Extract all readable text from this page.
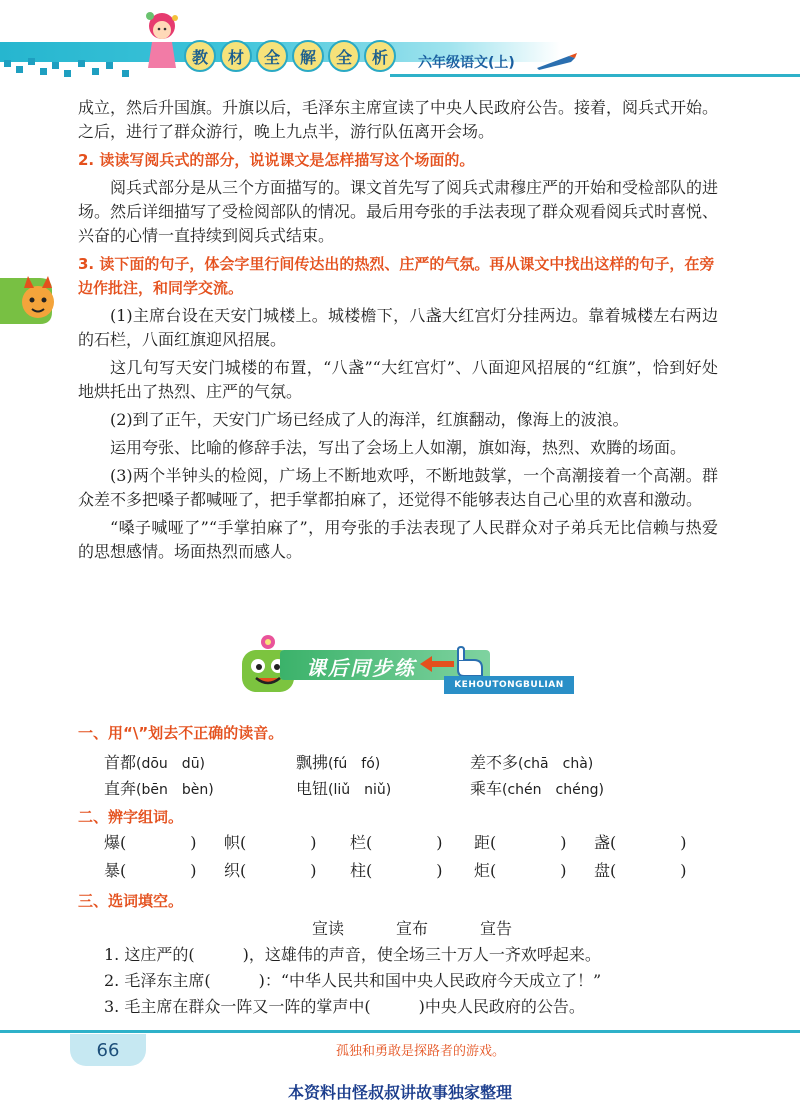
教	材	全	解	全	析	六年级语文(上)

成立，然后升国旗。升旗以后，毛泽东主席宣读了中央人民政府公告。接着，阅兵式开始。之后，进行了群众游行，晚上九点半，游行队伍离开会场。

2. 读读写阅兵式的部分，说说课文是怎样描写这个场面的。

阅兵式部分是从三个方面描写的。课文首先写了阅兵式肃穆庄严的开始和受检部队的进场。然后详细描写了受检阅部队的情况。最后用夸张的手法表现了群众观看阅兵式时喜悦、兴奋的心情一直持续到阅兵式结束。

3. 读下面的句子，体会字里行间传达出的热烈、庄严的气氛。再从课文中找出这样的句子，在旁边作批注，和同学交流。

(1)主席台设在天安门城楼上。城楼檐下，八盏大红宫灯分挂两边。靠着城楼左右两边的石栏，八面红旗迎风招展。

这几句写天安门城楼的布置，“八盏”“大红宫灯”、八面迎风招展的“红旗”，恰到好处地烘托出了热烈、庄严的气氛。

(2)到了正午，天安门广场已经成了人的海洋，红旗翻动，像海上的波浪。

运用夸张、比喻的修辞手法，写出了会场上人如潮，旗如海，热烈、欢腾的场面。

(3)两个半钟头的检阅，广场上不断地欢呼，不断地鼓掌，一个高潮接着一个高潮。群众差不多把嗓子都喊哑了，把手掌都拍麻了，还觉得不能够表达自己心里的欢喜和激动。

“嗓子喊哑了”“手掌拍麻了”，用夸张的手法表现了人民群众对子弟兵无比信赖与热爱的思想感情。场面热烈而感人。

课后同步练
KEHOUTONGBULIAN
一、用“\”划去不正确的读音。
首都(dōu　dū)	飘拂(fú　fó)	差不多(chā　chà)
直奔(bēn　bèn)	电钮(liǔ　niǔ)	乘车(chén　chéng)
二、辨字组词。
爆(　　　　) 帜(　　　　) 栏(　　　　) 距(　　　　) 盏(　　　　)
暴(　　　　) 织(　　　　) 柱(　　　　) 炬(　　　　) 盘(　　　　)
三、选词填空。
宣读	宣布	宣告
1. 这庄严的(　　　)，这雄伟的声音，使全场三十万人一齐欢呼起来。
2. 毛泽东主席(　　　)：“中华人民共和国中央人民政府今天成立了！”
3. 毛主席在群众一阵又一阵的掌声中(　　　)中央人民政府的公告。
66	孤独和勇敢是探路者的游戏。
本资料由怪叔叔讲故事独家整理
